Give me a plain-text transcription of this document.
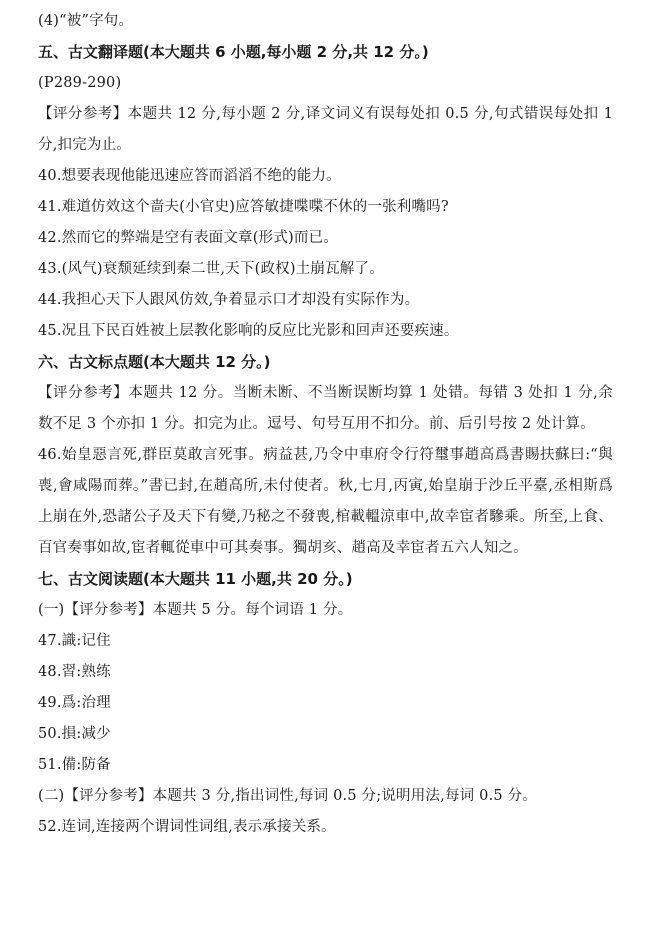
(4)“被”字句。
五、古文翻译题(本大题共 6 小题,每小题 2 分,共 12 分。)
(P289-290)
【评分参考】本题共 12 分,每小题 2 分,译文词义有误每处扣 0.5 分,句式错误每处扣 1 分,扣完为止。
40.想要表现他能迅速应答而滔滔不绝的能力。
41.难道仿效这个啬夫(小官史)应答敏捷喋喋不休的一张利嘴吗?
42.然而它的弊端是空有表面文章(形式)而已。
43.(风气)衰颓延续到秦二世,天下(政权)土崩瓦解了。
44.我担心天下人跟风仿效,争着显示口才却没有实际作为。
45.况且下民百姓被上层教化影响的反应比光影和回声还要疾速。
六、古文标点题(本大题共 12 分。)
【评分参考】本题共 12 分。当断未断、不当断误断均算 1 处错。每错 3 处扣 1 分,余数不足 3 个亦扣 1 分。扣完为止。逗号、句号互用不扣分。前、后引号按 2 处计算。
46.始皇惡言死,群臣莫敢言死事。病益甚,乃令中車府令行符璽事趙高爲書賜扶蘇曰:“與喪,會咸陽而葬。”書已封,在趙高所,未付使者。秋,七月,丙寅,始皇崩于沙丘平臺,丞相斯爲上崩在外,恐諸公子及天下有變,乃秘之不發喪,棺載轀涼車中,故幸宦者驂乘。所至,上食、百官奏事如故,宦者輒從車中可其奏事。獨胡亥、趙高及幸宦者五六人知之。
七、古文阅读题(本大题共 11 小题,共 20 分。)
(一)【评分参考】本题共 5 分。每个词语 1 分。
47.識:记住
48.習:熟练
49.爲:治理
50.損:减少
51.備:防备
(二)【评分参考】本题共 3 分,指出词性,每词 0.5 分;说明用法,每词 0.5 分。
52.连词,连接两个谓词性词组,表示承接关系。
